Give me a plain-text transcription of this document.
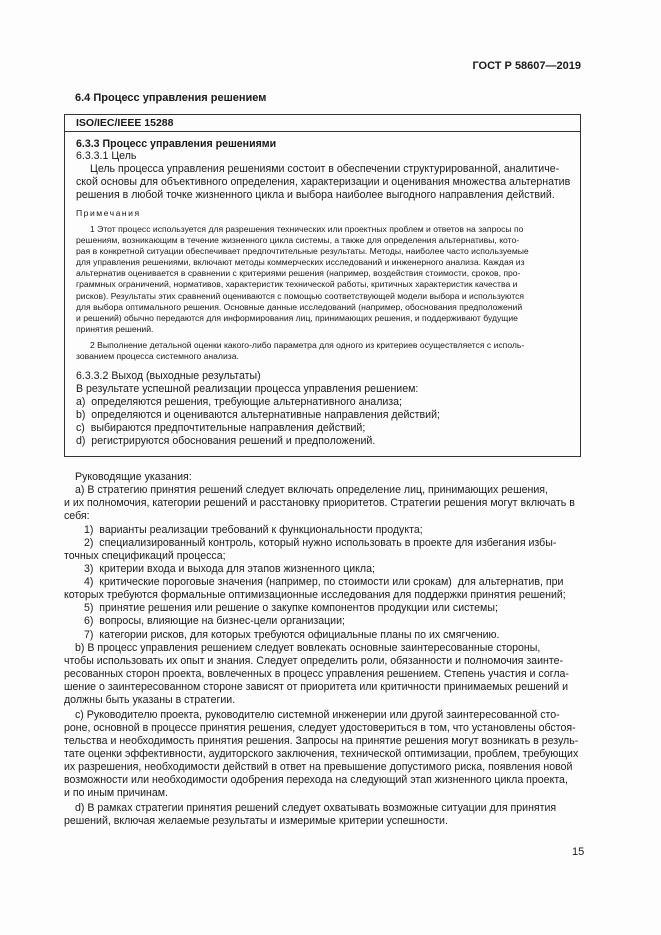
ГОСТ Р 58607—2019
6.4 Процесс управления решением
ISO/IEC/IEEE 15288
6.3.3 Процесс управления решениями
6.3.3.1 Цель
Цель процесса управления решениями состоит в обеспечении структурированной, аналитиче-
ской основы для объективного определения, характеризации и оценивания множества альтернатив
решения в любой точке жизненного цикла и выбора наиболее выгодного направления действий.
Примечания
1 Этот процесс используется для разрешения технических или проектных проблем и ответов на запросы по
решениям, возникающим в течение жизненного цикла системы, а также для определения альтернативы, кото-
рая в конкретной ситуации обеспечивает предпочтительные результаты. Методы, наиболее часто используемые
для управления решениями, включают методы коммерческих исследований и инженерного анализа. Каждая из
альтернатив оценивается в сравнении с критериями решения (например, воздействия стоимости, сроков, про-
граммных ограничений, нормативов, характеристик технической работы, критичных характеристик качества и
рисков). Результаты этих сравнений оцениваются с помощью соответствующей модели выбора и используются
для выбора оптимального решения. Основные данные исследований (например, обоснования предположений
и решений) обычно передаются для информирования лиц, принимающих решения, и поддерживают будущие
принятия решений.
2 Выполнение детальной оценки какого-либо параметра для одного из критериев осуществляется с исполь-
зованием процесса системного анализа.
6.3.3.2 Выход (выходные результаты)
В результате успешной реализации процесса управления решением:
a)  определяются решения, требующие альтернативного анализа;
b)  определяются и оцениваются альтернативные направления действий;
c)  выбираются предпочтительные направления действий;
d)  регистрируются обоснования решений и предположений.
Руководящие указания:
a) В стратегию принятия решений следует включать определение лиц, принимающих решения,
и их полномочия, категории решений и расстановку приоритетов. Стратегии решения могут включать в
себя:
1)  варианты реализации требований к функциональности продукта;
2)  специализированный контроль, который нужно использовать в проекте для избегания избы-
точных спецификаций процесса;
3)  критерии входа и выхода для этапов жизненного цикла;
4)  критические пороговые значения (например, по стоимости или срокам)  для альтернатив, при
которых требуются формальные оптимизационные исследования для поддержки принятия решений;
5)  принятие решения или решение о закупке компонентов продукции или системы;
6)  вопросы, влияющие на бизнес-цели организации;
7)  категории рисков, для которых требуются официальные планы по их смягчению.
b) В процесс управления решением следует вовлекать основные заинтересованные стороны,
чтобы использовать их опыт и знания. Следует определить роли, обязанности и полномочия заинте-
ресованных сторон проекта, вовлеченных в процесс управления решением. Степень участия и согла-
шение о заинтересованном стороне зависят от приоритета или критичности принимаемых решений и
должны быть указаны в стратегии.
c) Руководителю проекта, руководителю системной инженерии или другой заинтересованной сто-
роне, основной в процессе принятия решения, следует удостовериться в том, что установлены обстоя-
тельства и необходимость принятия решения. Запросы на принятие решения могут возникать в резуль-
тате оценки эффективности, аудиторского заключения, технической оптимизации, проблем, требующих
их разрешения, необходимости действий в ответ на превышение допустимого риска, появления новой
возможности или необходимости одобрения перехода на следующий этап жизненного цикла проекта,
и по иным причинам.
d) В рамках стратегии принятия решений следует охватывать возможные ситуации для принятия
решений, включая желаемые результаты и измеримые критерии успешности.
15
